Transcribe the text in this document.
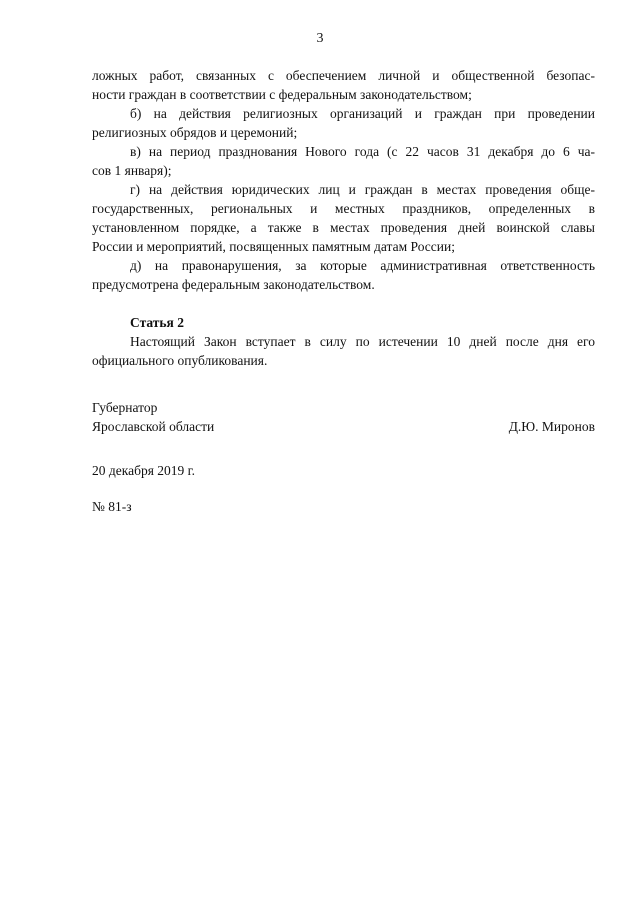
3
ложных работ, связанных с обеспечением личной и общественной безопас-
ности граждан в соответствии с федеральным законодательством;
б) на действия религиозных организаций и граждан при проведении
религиозных обрядов и церемоний;
в) на период празднования Нового года (с 22 часов 31 декабря до 6 ча-
сов 1 января);
г) на действия юридических лиц и граждан в местах проведения обще-
государственных, региональных и местных праздников, определенных в
установленном порядке, а также в местах проведения дней воинской славы
России и мероприятий, посвященных памятным датам России;
д) на правонарушения, за которые административная ответственность
предусмотрена федеральным законодательством.
Статья 2
Настоящий Закон вступает в силу по истечении 10 дней после дня его
официального опубликования.
Губернатор
Ярославской области	Д.Ю. Миронов
20 декабря 2019 г.
№ 81-з
